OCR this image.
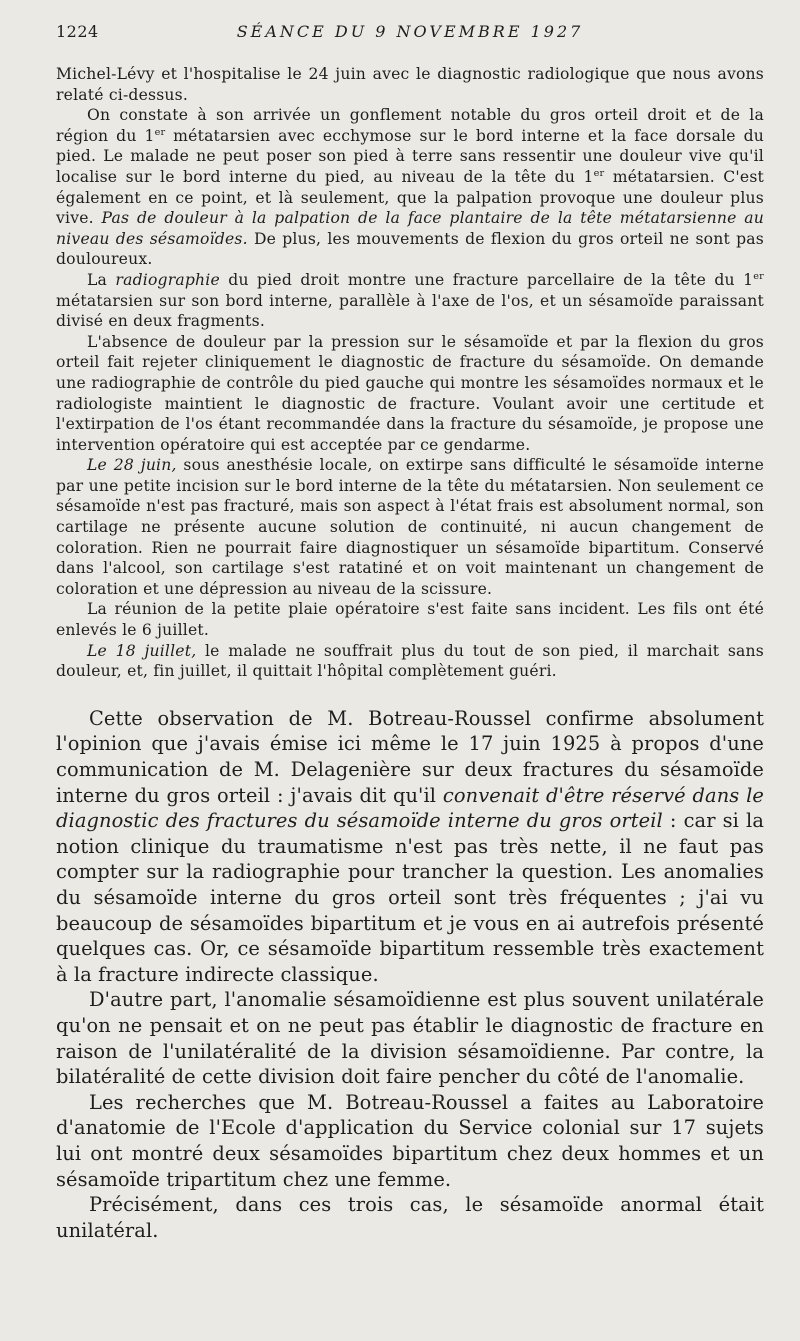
1224	SÉANCE DU 9 NOVEMBRE 1927

Michel-Lévy et l'hospitalise le 24 juin avec le diagnostic radiologique que nous avons relaté ci-dessus.

On constate à son arrivée un gonflement notable du gros orteil droit et de la région du 1er métatarsien avec ecchymose sur le bord interne et la face dorsale du pied. Le malade ne peut poser son pied à terre sans ressentir une douleur vive qu'il localise sur le bord interne du pied, au niveau de la tête du 1er métatarsien. C'est également en ce point, et là seulement, que la palpation provoque une douleur plus vive. Pas de douleur à la palpation de la face plantaire de la tête métatarsienne au niveau des sésamoïdes. De plus, les mouvements de flexion du gros orteil ne sont pas douloureux.

La radiographie du pied droit montre une fracture parcellaire de la tête du 1er métatarsien sur son bord interne, parallèle à l'axe de l'os, et un sésamoïde paraissant divisé en deux fragments.

L'absence de douleur par la pression sur le sésamoïde et par la flexion du gros orteil fait rejeter cliniquement le diagnostic de fracture du sésamoïde. On demande une radiographie de contrôle du pied gauche qui montre les sésamoïdes normaux et le radiologiste maintient le diagnostic de fracture. Voulant avoir une certitude et l'extirpation de l'os étant recommandée dans la fracture du sésamoïde, je propose une intervention opératoire qui est acceptée par ce gendarme.

Le 28 juin, sous anesthésie locale, on extirpe sans difficulté le sésamoïde interne par une petite incision sur le bord interne de la tête du métatarsien. Non seulement ce sésamoïde n'est pas fracturé, mais son aspect à l'état frais est absolument normal, son cartilage ne présente aucune solution de continuité, ni aucun changement de coloration. Rien ne pourrait faire diagnostiquer un sésamoïde bipartitum. Conservé dans l'alcool, son cartilage s'est ratatiné et on voit maintenant un changement de coloration et une dépression au niveau de la scissure.

La réunion de la petite plaie opératoire s'est faite sans incident. Les fils ont été enlevés le 6 juillet.

Le 18 juillet, le malade ne souffrait plus du tout de son pied, il marchait sans douleur, et, fin juillet, il quittait l'hôpital complètement guéri.

Cette observation de M. Botreau-Roussel confirme absolument l'opinion que j'avais émise ici même le 17 juin 1925 à propos d'une communication de M. Delagenière sur deux fractures du sésamoïde interne du gros orteil : j'avais dit qu'il convenait d'être réservé dans le diagnostic des fractures du sésamoïde interne du gros orteil : car si la notion clinique du traumatisme n'est pas très nette, il ne faut pas compter sur la radiographie pour trancher la question. Les anomalies du sésamoïde interne du gros orteil sont très fréquentes ; j'ai vu beaucoup de sésamoïdes bipartitum et je vous en ai autrefois présenté quelques cas. Or, ce sésamoïde bipartitum ressemble très exactement à la fracture indirecte classique.

D'autre part, l'anomalie sésamoïdienne est plus souvent unilatérale qu'on ne pensait et on ne peut pas établir le diagnostic de fracture en raison de l'unilatéralité de la division sésamoïdienne. Par contre, la bilatéralité de cette division doit faire pencher du côté de l'anomalie.

Les recherches que M. Botreau-Roussel a faites au Laboratoire d'anatomie de l'Ecole d'application du Service colonial sur 17 sujets lui ont montré deux sésamoïdes bipartitum chez deux hommes et un sésamoïde tripartitum chez une femme.

Précisément, dans ces trois cas, le sésamoïde anormal était unilatéral.
